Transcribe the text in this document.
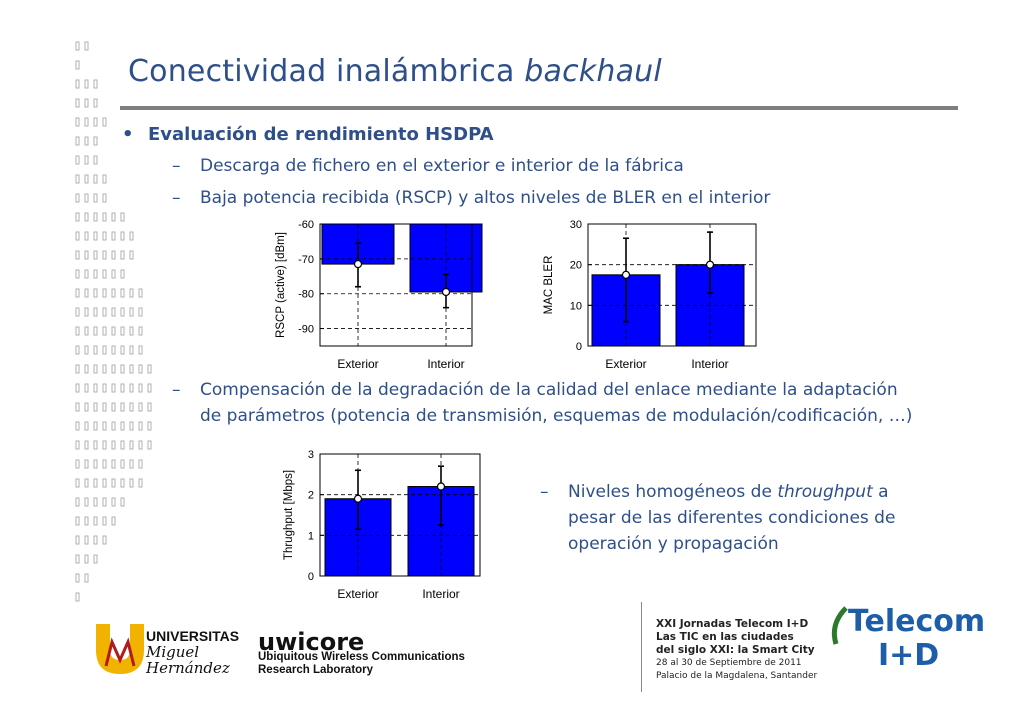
Conectividad inalámbrica backhaul
• Evaluación de rendimiento HSDPA
– Descarga de fichero en el exterior e interior de la fábrica
– Baja potencia recibida (RSCP) y altos niveles de BLER en el interior
– Compensación de la degradación de la calidad del enlace mediante la adaptación
de parámetros (potencia de transmisión, esquemas de modulación/codificación, …)
– Niveles homogéneos de throughput a
pesar de las diferentes condiciones de
operación y propagación
-60
-70
-80
-90
Exterior	Interior
RSCP (active) [dBm]
0
10
20
30
Exterior	Interior
MAC BLER
0
1
2
3
Exterior	Interior
Thrughput [Mbps]
UNIVERSITAS
Miguel
Hernández
uwicore
Ubiquitous Wireless Communications
Research Laboratory
XXI Jornadas Telecom I+D
Las TIC en las ciudades
del siglo XXI: la Smart City
28 al 30 de Septiembre de 2011
Palacio de la Magdalena, Santander
Telecom
I+D
